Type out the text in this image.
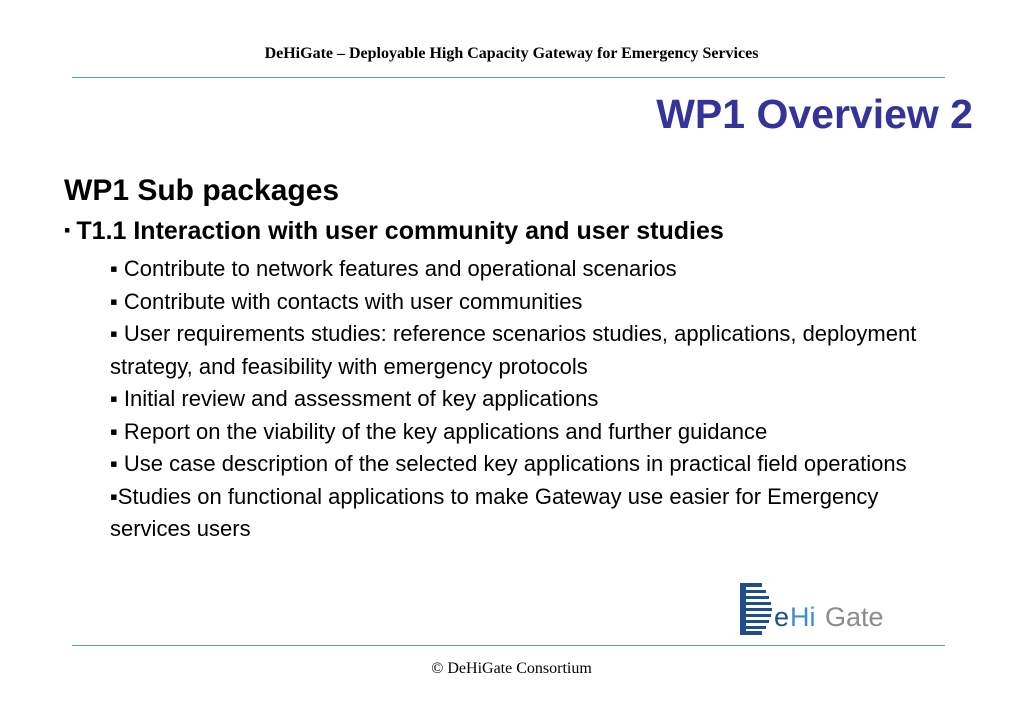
DeHiGate – Deployable High Capacity Gateway for Emergency Services
WP1 Overview 2
WP1 Sub packages
▪ T1.1 Interaction with user community and user studies
▪ Contribute to network features and operational scenarios
▪ Contribute with contacts with user communities
▪ User requirements studies: reference scenarios studies, applications, deployment strategy, and feasibility with emergency protocols
▪ Initial review and assessment of key applications
▪ Report on the viability of the key applications and further guidance
▪ Use case description of the selected key applications in practical field operations
▪Studies on functional applications to make Gateway use easier for Emergency services users
e Hi Gate
© DeHiGate Consortium
